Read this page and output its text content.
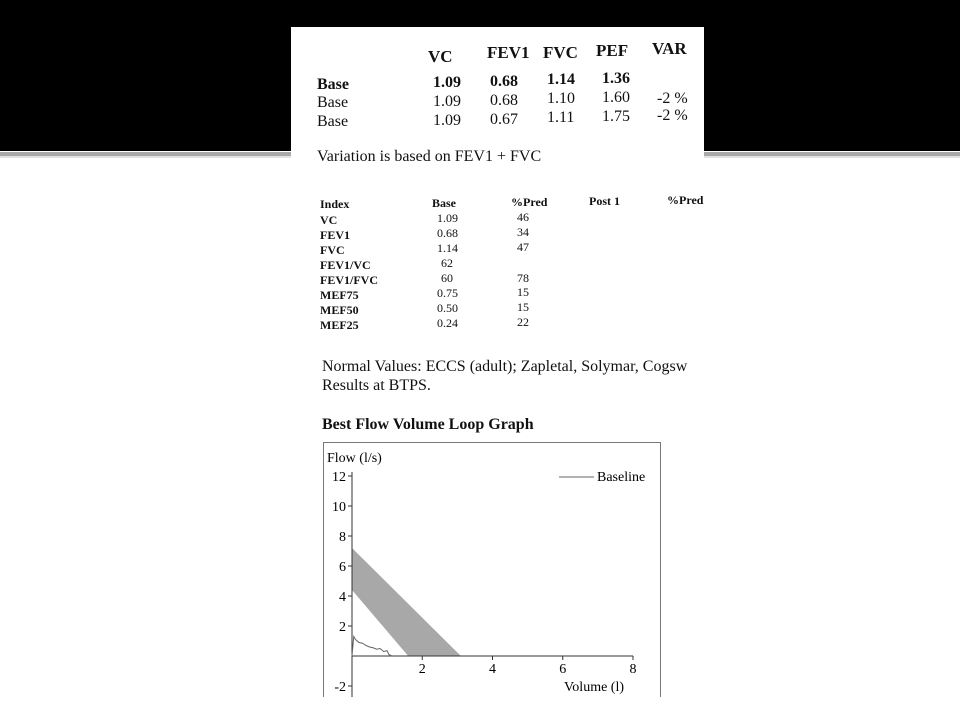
VC FEV1 FVC PEF VAR
Base	1.09 0.68 1.14 1.36
Base	1.09 0.68 1.10 1.60 -2 %
Base	1.09 0.67 1.11 1.75 -2 %
Variation is based on FEV1 + FVC
Index	Base	%Pred	Post 1	%Pred
VC	1.09	46
FEV1	0.68	34
FVC	1.14	47
FEV1/VC	62
FEV1/FVC	60	78
MEF75	0.75	15
MEF50	0.50	15
MEF25	0.24	22
Normal Values: ECCS (adult); Zapletal, Solymar, Cogsw
Results at BTPS.
Best Flow Volume Loop Graph
Flow (l/s)
Volume (l)
Baseline
12
10
8
6
4
2
-2
2	4	6	8
